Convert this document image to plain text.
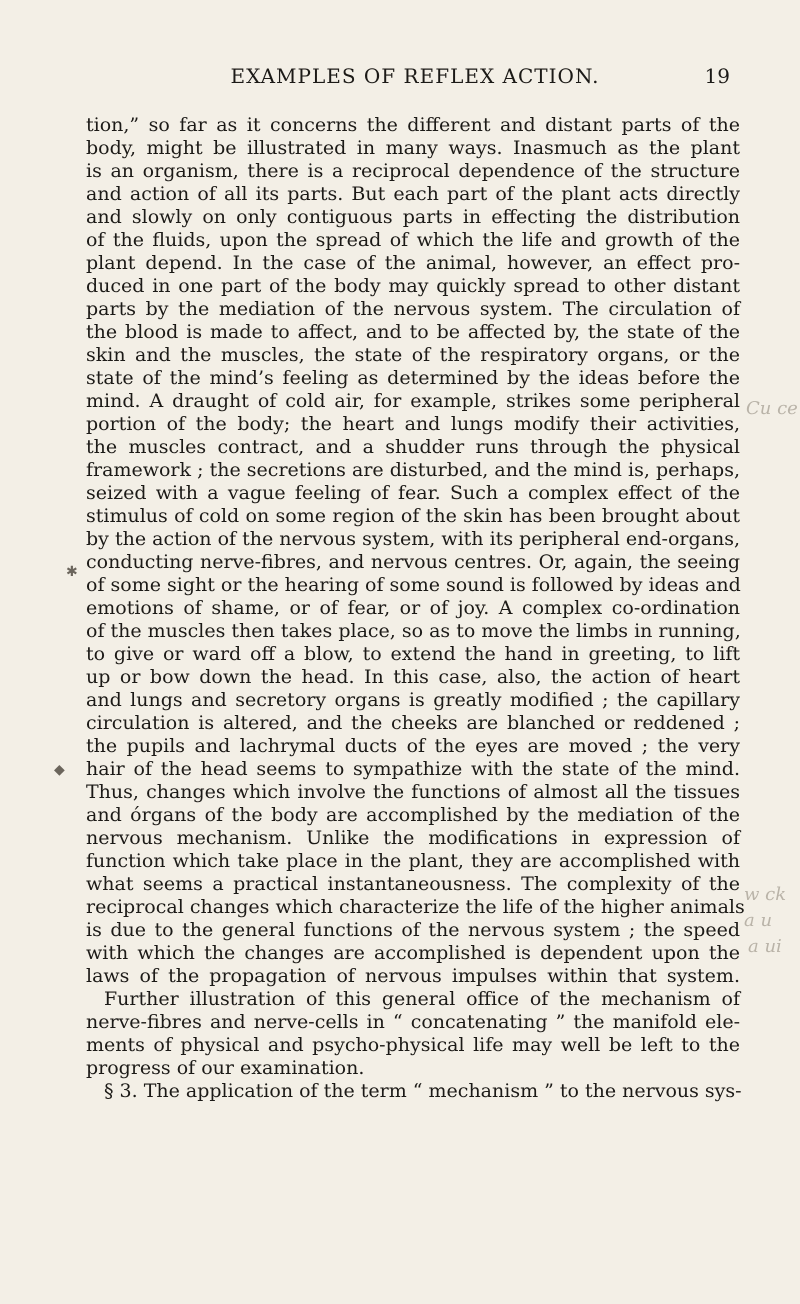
EXAMPLES OF REFLEX ACTION.	19
tion,” so far as it concerns the different and distant parts of the
body, might be illustrated in many ways. Inasmuch as the plant
is an organism, there is a reciprocal dependence of the structure
and action of all its parts. But each part of the plant acts directly
and slowly on only contiguous parts in effecting the distribution
of the fluids, upon the spread of which the life and growth of the
plant depend. In the case of the animal, however, an effect pro-
duced in one part of the body may quickly spread to other distant
parts by the mediation of the nervous system. The circulation of
the blood is made to affect, and to be affected by, the state of the
skin and the muscles, the state of the respiratory organs, or the
state of the mind’s feeling as determined by the ideas before the
mind. A draught of cold air, for example, strikes some peripheral
portion of the body; the heart and lungs modify their activities,
the muscles contract, and a shudder runs through the physical
framework ; the secretions are disturbed, and the mind is, perhaps,
seized with a vague feeling of fear. Such a complex effect of the
stimulus of cold on some region of the skin has been brought about
by the action of the nervous system, with its peripheral end-organs,
conducting nerve-fibres, and nervous centres. Or, again, the seeing
of some sight or the hearing of some sound is followed by ideas and
emotions of shame, or of fear, or of joy. A complex co-ordination
of the muscles then takes place, so as to move the limbs in running,
to give or ward off a blow, to extend the hand in greeting, to lift
up or bow down the head. In this case, also, the action of heart
and lungs and secretory organs is greatly modified ; the capillary
circulation is altered, and the cheeks are blanched or reddened ;
the pupils and lachrymal ducts of the eyes are moved ; the very
hair of the head seems to sympathize with the state of the mind.
Thus, changes which involve the functions of almost all the tissues
and órgans of the body are accomplished by the mediation of the
nervous mechanism. Unlike the modifications in expression of
function which take place in the plant, they are accomplished with
what seems a practical instantaneousness. The complexity of the
reciprocal changes which characterize the life of the higher animals
is due to the general functions of the nervous system ; the speed
with which the changes are accomplished is dependent upon the
laws of the propagation of nervous impulses within that system.
Further illustration of this general office of the mechanism of
nerve-fibres and nerve-cells in “ concatenating ” the manifold ele-
ments of physical and psycho-physical life may well be left to the
progress of our examination.
§ 3. The application of the term “ mechanism ” to the nervous sys-
Cu ce
w ck
a u
a ui
✱
◆
